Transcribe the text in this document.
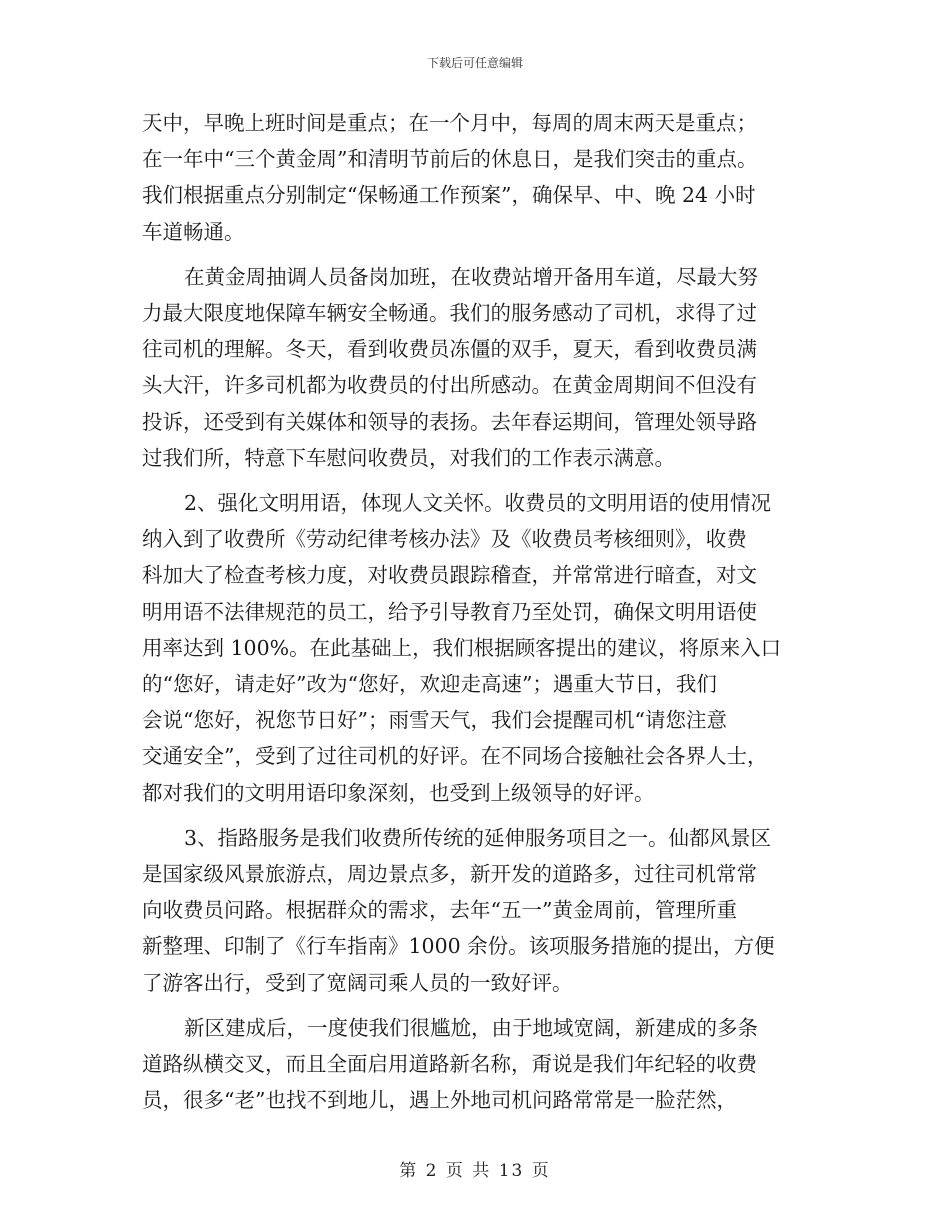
下载后可任意编辑

天中，早晚上班时间是重点；在一个月中，每周的周末两天是重点；
在一年中“三个黄金周”和清明节前后的休息日，是我们突击的重点。
我们根据重点分别制定“保畅通工作预案”，确保早、中、晚 24 小时
车道畅通。

在黄金周抽调人员备岗加班，在收费站增开备用车道，尽最大努
力最大限度地保障车辆安全畅通。我们的服务感动了司机，求得了过
往司机的理解。冬天，看到收费员冻僵的双手，夏天，看到收费员满
头大汗，许多司机都为收费员的付出所感动。在黄金周期间不但没有
投诉，还受到有关媒体和领导的表扬。去年春运期间，管理处领导路
过我们所，特意下车慰问收费员，对我们的工作表示满意。

2、强化文明用语，体现人文关怀。收费员的文明用语的使用情况
纳入到了收费所《劳动纪律考核办法》及《收费员考核细则》，收费
科加大了检查考核力度，对收费员跟踪稽查，并常常进行暗查，对文
明用语不法律规范的员工，给予引导教育乃至处罚，确保文明用语使
用率达到 100%。在此基础上，我们根据顾客提出的建议，将原来入口
的“您好，请走好”改为“您好，欢迎走高速”；遇重大节日，我们
会说“您好，祝您节日好”；雨雪天气，我们会提醒司机“请您注意
交通安全”，受到了过往司机的好评。在不同场合接触社会各界人士，
都对我们的文明用语印象深刻，也受到上级领导的好评。

3、指路服务是我们收费所传统的延伸服务项目之一。仙都风景区
是国家级风景旅游点，周边景点多，新开发的道路多，过往司机常常
向收费员问路。根据群众的需求，去年“五一”黄金周前，管理所重
新整理、印制了《行车指南》1000 余份。该项服务措施的提出，方便
了游客出行，受到了宽阔司乘人员的一致好评。

新区建成后，一度使我们很尴尬，由于地域宽阔，新建成的多条
道路纵横交叉，而且全面启用道路新名称，甭说是我们年纪轻的收费
员，很多“老”也找不到地儿，遇上外地司机问路常常是一脸茫然，

第 2 页 共 13 页
